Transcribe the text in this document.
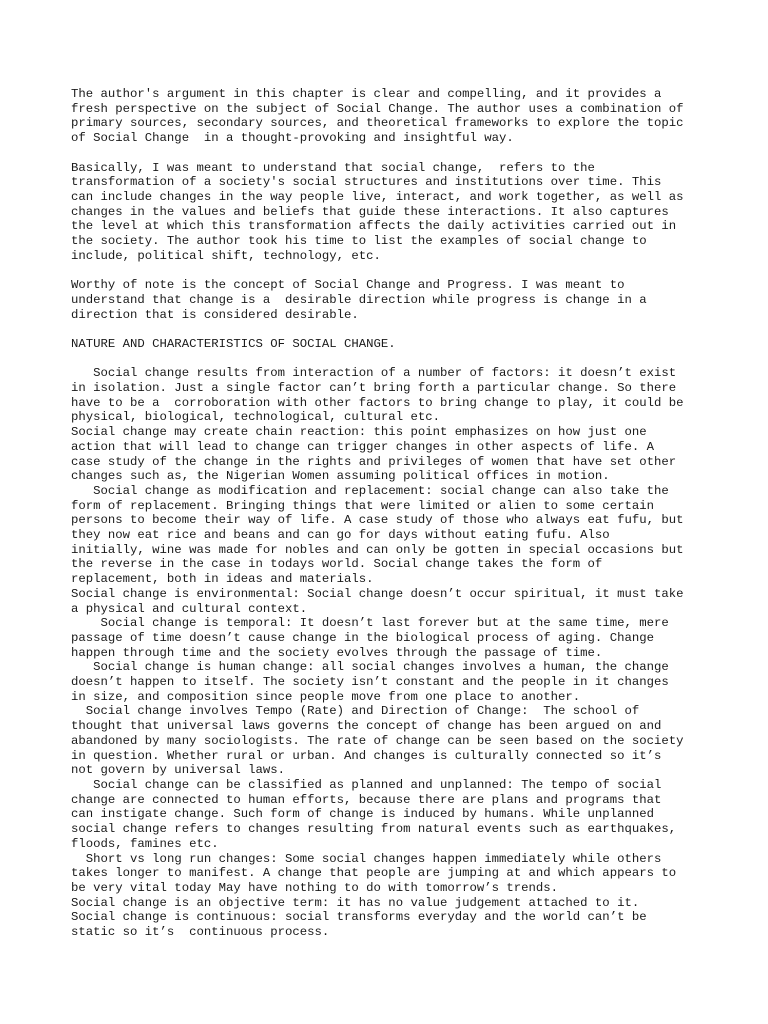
The author's argument in this chapter is clear and compelling, and it provides a
fresh perspective on the subject of Social Change. The author uses a combination of
primary sources, secondary sources, and theoretical frameworks to explore the topic
of Social Change  in a thought-provoking and insightful way.

Basically, I was meant to understand that social change,  refers to the
transformation of a society's social structures and institutions over time. This
can include changes in the way people live, interact, and work together, as well as
changes in the values and beliefs that guide these interactions. It also captures
the level at which this transformation affects the daily activities carried out in
the society. The author took his time to list the examples of social change to
include, political shift, technology, etc.

Worthy of note is the concept of Social Change and Progress. I was meant to
understand that change is a  desirable direction while progress is change in a
direction that is considered desirable.

NATURE AND CHARACTERISTICS OF SOCIAL CHANGE.

Social change results from interaction of a number of factors: it doesn’t exist
in isolation. Just a single factor can’t bring forth a particular change. So there
have to be a  corroboration with other factors to bring change to play, it could be
physical, biological, technological, cultural etc.
Social change may create chain reaction: this point emphasizes on how just one
action that will lead to change can trigger changes in other aspects of life. A
case study of the change in the rights and privileges of women that have set other
changes such as, the Nigerian Women assuming political offices in motion.
Social change as modification and replacement: social change can also take the
form of replacement. Bringing things that were limited or alien to some certain
persons to become their way of life. A case study of those who always eat fufu, but
they now eat rice and beans and can go for days without eating fufu. Also
initially, wine was made for nobles and can only be gotten in special occasions but
the reverse in the case in todays world. Social change takes the form of
replacement, both in ideas and materials.
Social change is environmental: Social change doesn’t occur spiritual, it must take
a physical and cultural context.
Social change is temporal: It doesn’t last forever but at the same time, mere
passage of time doesn’t cause change in the biological process of aging. Change
happen through time and the society evolves through the passage of time.
Social change is human change: all social changes involves a human, the change
doesn’t happen to itself. The society isn’t constant and the people in it changes
in size, and composition since people move from one place to another.
Social change involves Tempo (Rate) and Direction of Change:  The school of
thought that universal laws governs the concept of change has been argued on and
abandoned by many sociologists. The rate of change can be seen based on the society
in question. Whether rural or urban. And changes is culturally connected so it’s
not govern by universal laws.
Social change can be classified as planned and unplanned: The tempo of social
change are connected to human efforts, because there are plans and programs that
can instigate change. Such form of change is induced by humans. While unplanned
social change refers to changes resulting from natural events such as earthquakes,
floods, famines etc.
Short vs long run changes: Some social changes happen immediately while others
takes longer to manifest. A change that people are jumping at and which appears to
be very vital today May have nothing to do with tomorrow’s trends.
Social change is an objective term: it has no value judgement attached to it.
Social change is continuous: social transforms everyday and the world can’t be
static so it’s  continuous process.
